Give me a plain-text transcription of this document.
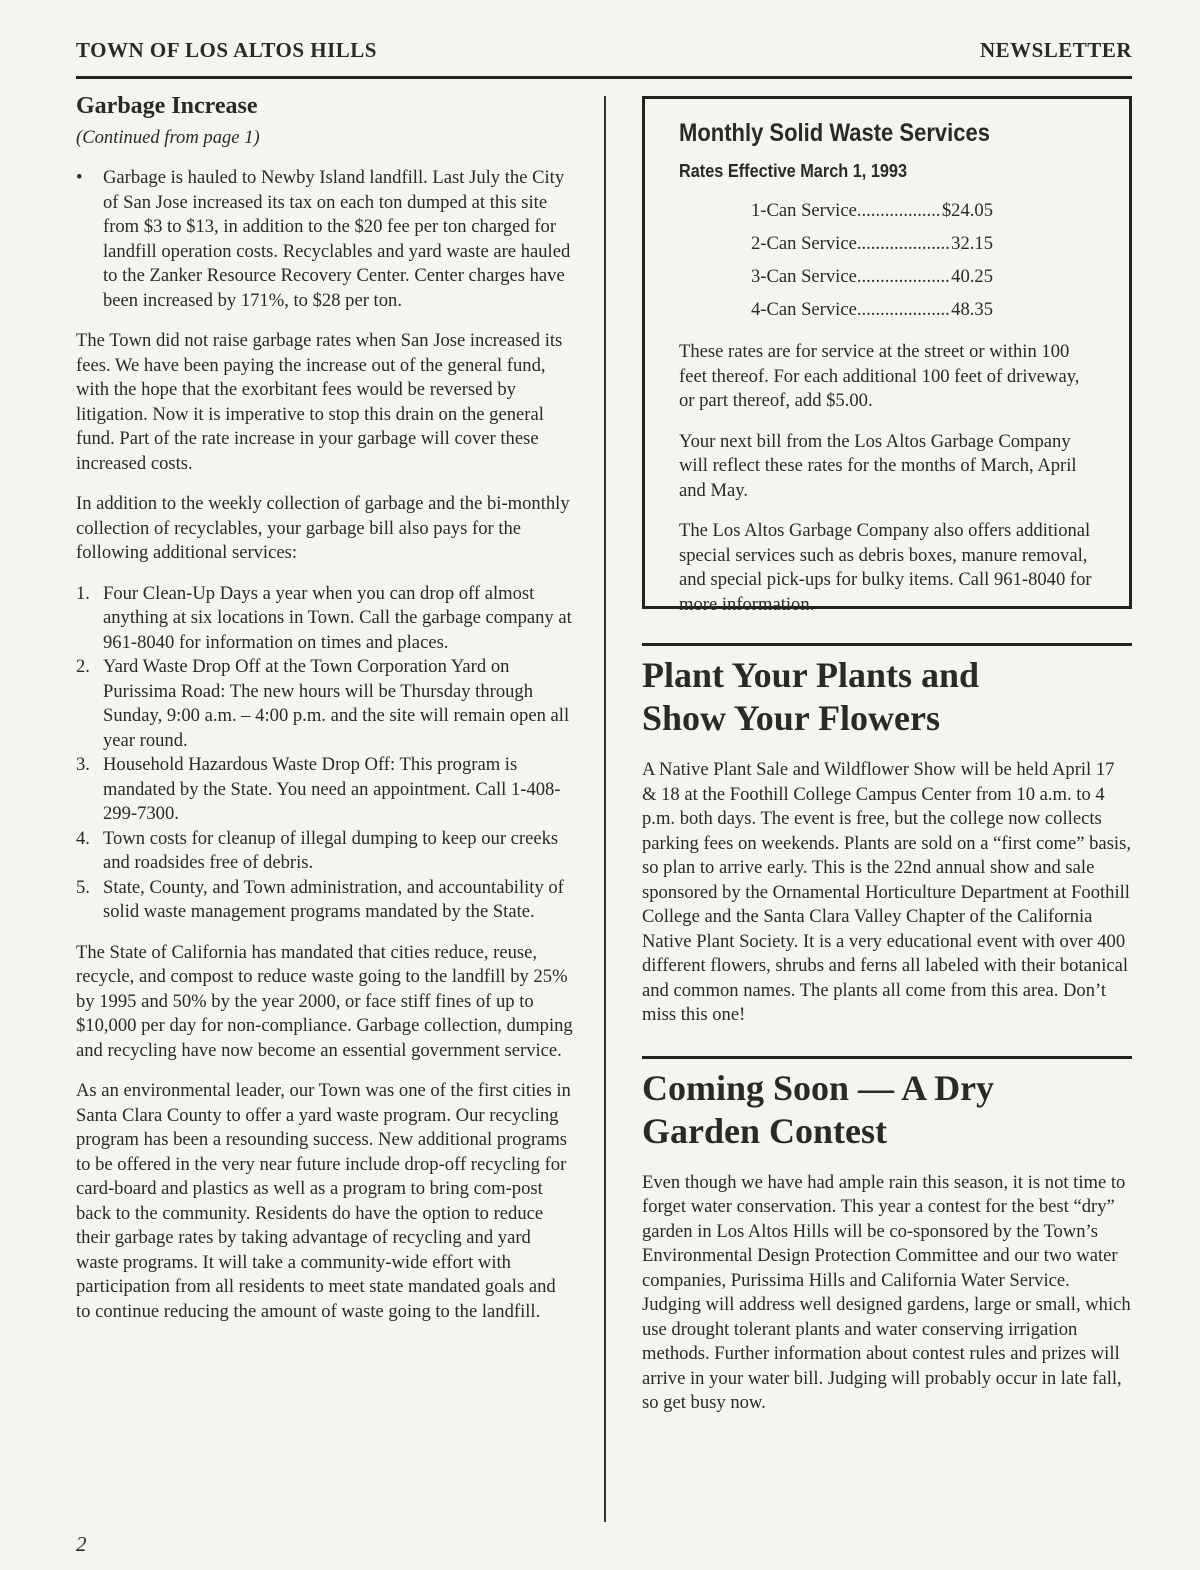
TOWN OF LOS ALTOS HILLS	NEWSLETTER
Garbage Increase
(Continued from page 1)
• Garbage is hauled to Newby Island landfill. Last July the City of San Jose increased its tax on each ton dumped at this site from $3 to $13, in addition to the $20 fee per ton charged for landfill operation costs. Recyclables and yard waste are hauled to the Zanker Resource Recovery Center. Center charges have been increased by 171%, to $28 per ton.

The Town did not raise garbage rates when San Jose increased its fees. We have been paying the increase out of the general fund, with the hope that the exorbitant fees would be reversed by litigation. Now it is imperative to stop this drain on the general fund. Part of the rate increase in your garbage will cover these increased costs.

In addition to the weekly collection of garbage and the bi-monthly collection of recyclables, your garbage bill also pays for the following additional services:

1. Four Clean-Up Days a year when you can drop off almost anything at six locations in Town. Call the garbage company at 961-8040 for information on times and places.
2. Yard Waste Drop Off at the Town Corporation Yard on Purissima Road: The new hours will be Thursday through Sunday, 9:00 a.m. – 4:00 p.m. and the site will remain open all year round.
3. Household Hazardous Waste Drop Off: This program is mandated by the State. You need an appointment. Call 1-408-299-7300.
4. Town costs for cleanup of illegal dumping to keep our creeks and roadsides free of debris.
5. State, County, and Town administration, and accountability of solid waste management programs mandated by the State.

The State of California has mandated that cities reduce, reuse, recycle, and compost to reduce waste going to the landfill by 25% by 1995 and 50% by the year 2000, or face stiff fines of up to $10,000 per day for non-compliance. Garbage collection, dumping and recycling have now become an essential government service.

As an environmental leader, our Town was one of the first cities in Santa Clara County to offer a yard waste program. Our recycling program has been a resounding success. New additional programs to be offered in the very near future include drop-off recycling for card-board and plastics as well as a program to bring com-post back to the community. Residents do have the option to reduce their garbage rates by taking advantage of recycling and yard waste programs. It will take a community-wide effort with participation from all residents to meet state mandated goals and to continue reducing the amount of waste going to the landfill.

Monthly Solid Waste Services
Rates Effective March 1, 1993
1-Can Service .....	$24.05
2-Can Service .....	32.15
3-Can Service .....	40.25
4-Can Service .....	48.35

These rates are for service at the street or within 100 feet thereof. For each additional 100 feet of driveway, or part thereof, add $5.00.

Your next bill from the Los Altos Garbage Company will reflect these rates for the months of March, April and May.

The Los Altos Garbage Company also offers additional special services such as debris boxes, manure removal, and special pick-ups for bulky items. Call 961-8040 for more information.

Plant Your Plants and
Show Your Flowers

A Native Plant Sale and Wildflower Show will be held April 17 & 18 at the Foothill College Campus Center from 10 a.m. to 4 p.m. both days. The event is free, but the college now collects parking fees on weekends. Plants are sold on a “first come” basis, so plan to arrive early. This is the 22nd annual show and sale sponsored by the Ornamental Horticulture Department at Foothill College and the Santa Clara Valley Chapter of the California Native Plant Society. It is a very educational event with over 400 different flowers, shrubs and ferns all labeled with their botanical and common names. The plants all come from this area. Don’t miss this one!

Coming Soon — A Dry
Garden Contest

Even though we have had ample rain this season, it is not time to forget water conservation. This year a contest for the best “dry” garden in Los Altos Hills will be co-sponsored by the Town’s Environmental Design Protection Committee and our two water companies, Purissima Hills and California Water Service. Judging will address well designed gardens, large or small, which use drought tolerant plants and water conserving irrigation methods. Further information about contest rules and prizes will arrive in your water bill. Judging will probably occur in late fall, so get busy now.

2
